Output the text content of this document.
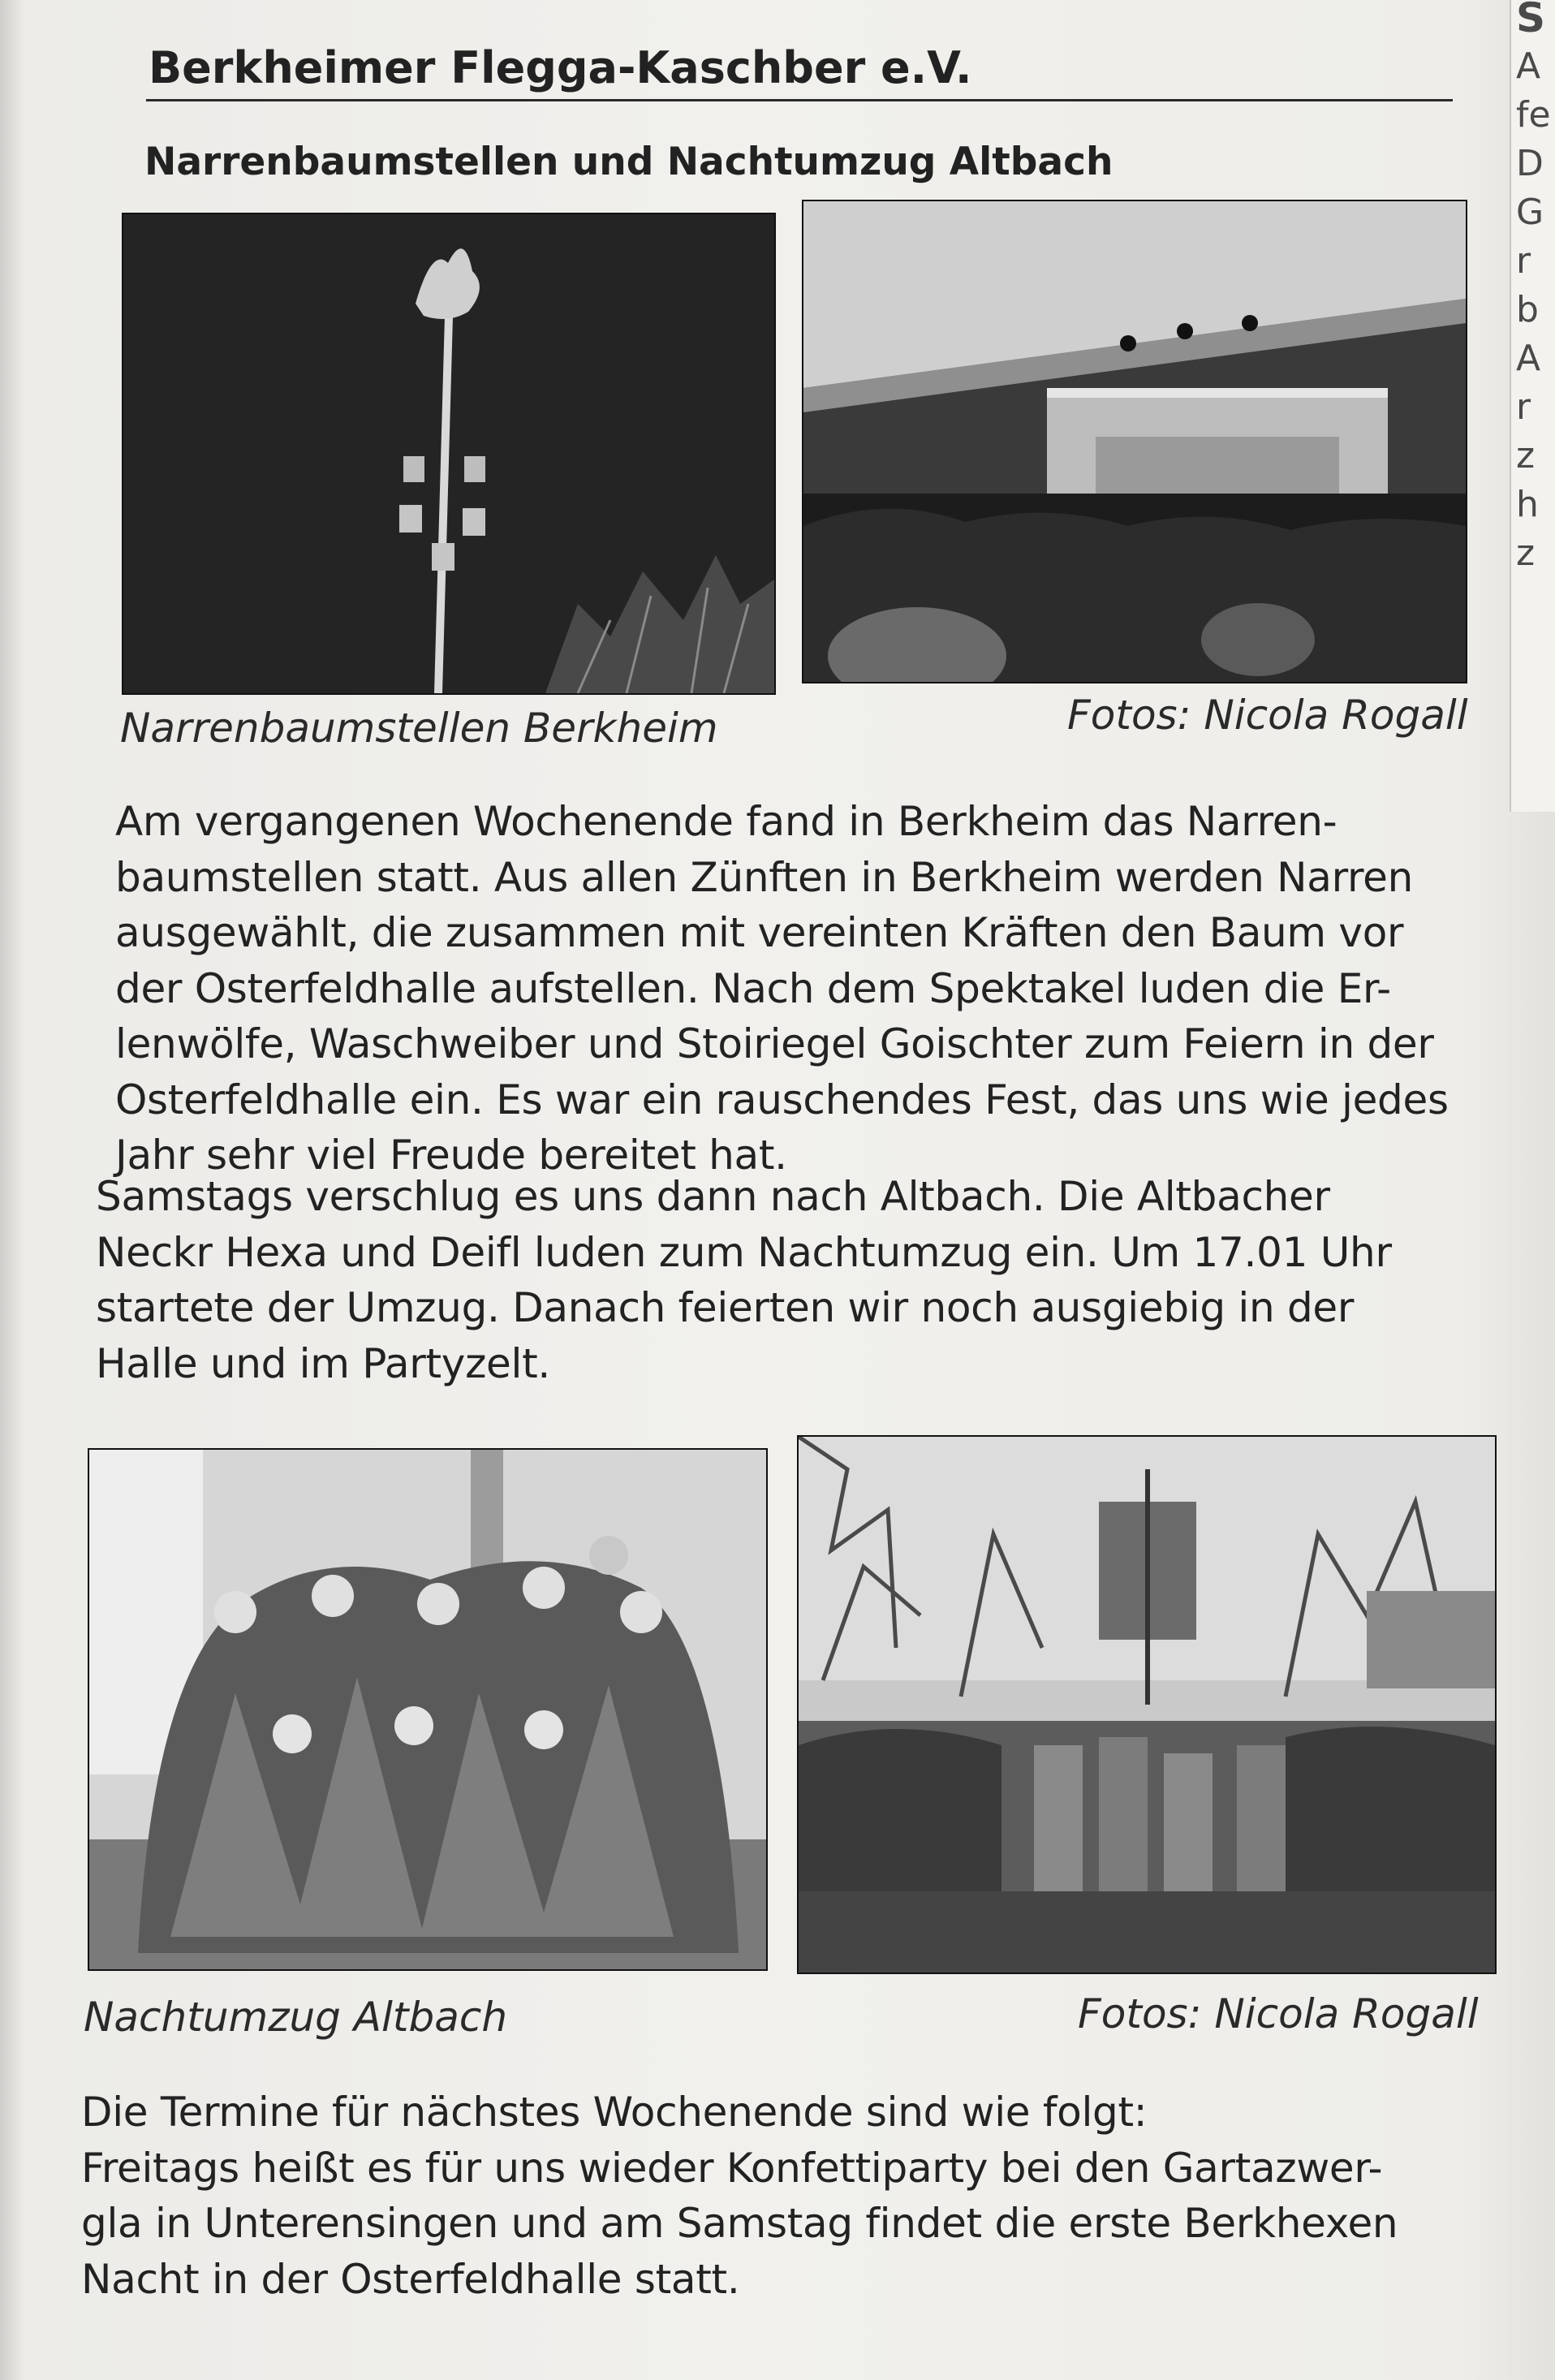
S
A
fe
D
G
r
b
A
r
z
h
z
Berkheimer Flegga-Kaschber e.V.
Narrenbaumstellen und Nachtumzug Altbach
Narrenbaumstellen Berkheim	Fotos: Nicola Rogall
Am vergangenen Wochenende fand in Berkheim das Narren-
baumstellen statt. Aus allen Zünften in Berkheim werden Narren
ausgewählt, die zusammen mit vereinten Kräften den Baum vor
der Osterfeldhalle aufstellen. Nach dem Spektakel luden die Er-
lenwölfe, Waschweiber und Stoiriegel Goischter zum Feiern in der
Osterfeldhalle ein. Es war ein rauschendes Fest, das uns wie jedes
Jahr sehr viel Freude bereitet hat.
Samstags verschlug es uns dann nach Altbach. Die Altbacher
Neckr Hexa und Deifl luden zum Nachtumzug ein. Um 17.01 Uhr
startete der Umzug. Danach feierten wir noch ausgiebig in der
Halle und im Partyzelt.
Nachtumzug Altbach	Fotos: Nicola Rogall
Die Termine für nächstes Wochenende sind wie folgt:
Freitags heißt es für uns wieder Konfettiparty bei den Gartazwer-
gla in Unterensingen und am Samstag findet die erste Berkhexen
Nacht in der Osterfeldhalle statt.
